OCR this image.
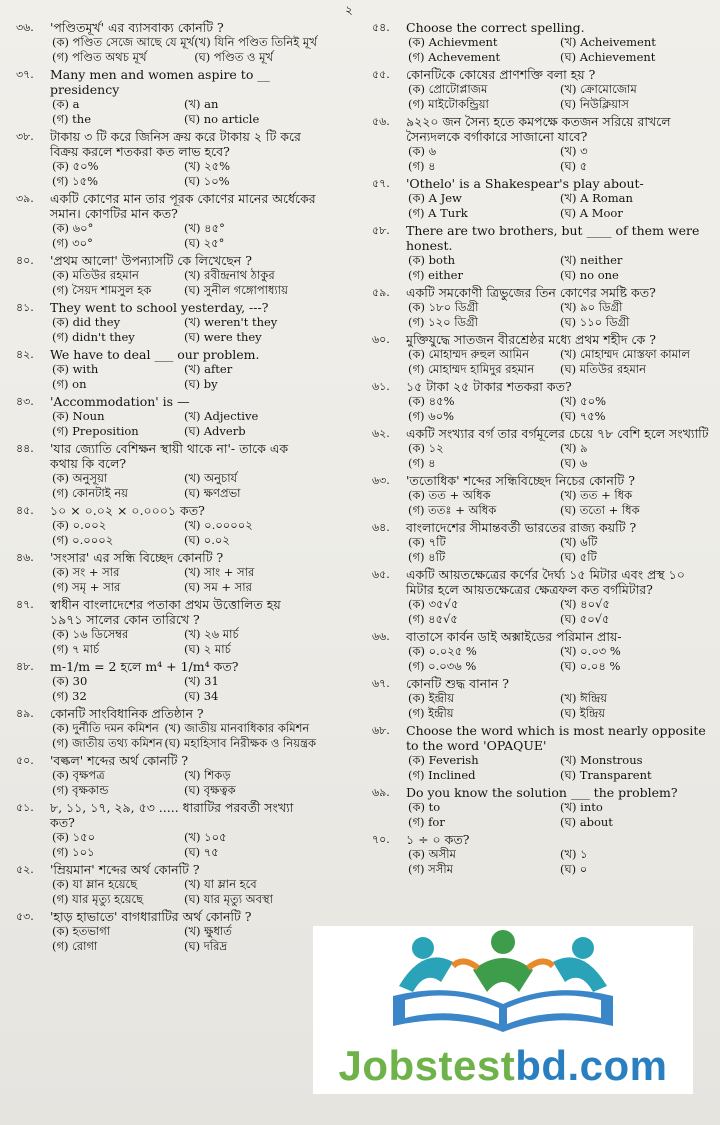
২
৩৬.	'পণ্ডিতমূর্খ' এর ব্যাসবাক্য কোনটি ?
(ক) পণ্ডিত সেজে আছে যে মূর্খ (খ) যিনি পণ্ডিত তিনিই মূর্খ
(গ) পণ্ডিত অথচ মূর্খ	(ঘ) পণ্ডিত ও মূর্খ
৩৭.	Many men and women aspire to __ presidency
(ক) a	(খ) an
(গ) the	(ঘ) no article
৩৮.	টাকায় ৩ টি করে জিনিস ক্রয় করে টাকায় ২ টি করে বিক্রয় করলে শতকরা কত লাভ হবে?
(ক) ৫০%	(খ) ২৫%
(গ) ১৫%	(ঘ) ১০%
৩৯.	একটি কোণের মান তার পূরক কোণের মানের অর্ধেকের সমান। কোণটির মান কত?
(ক) ৬০°	(খ) ৪৫°
(গ) ৩০°	(ঘ) ২৫°
৪০.	'প্রথম আলো' উপন্যাসটি কে লিখেছেন ?
(ক) মতিউর রহমান	(খ) রবীন্দ্রনাথ ঠাকুর
(গ) সৈয়দ শামসুল হক	(ঘ) সুনীল গঙ্গোপাধ্যায়
৪১.	They went to school yesterday, ---?
(ক) did they	(খ) weren't they
(গ) didn't they	(ঘ) were they
৪২.	We have to deal ___ our problem.
(ক) with	(খ) after
(গ) on	(ঘ) by
৪৩.	'Accommodation' is —
(ক) Noun	(খ) Adjective
(গ) Preposition	(ঘ) Adverb
৪৪.	'যার জ্যোতি বেশিক্ষন স্থায়ী থাকে না'- তাকে এক কথায় কি বলে?
(ক) অনুসূয়া	(খ) অনুচার্য
(গ) কোনটাই নয়	(ঘ) ক্ষণপ্রভা
৪৫.	১০ × ০.০২ × ০.০০০১ কত?
(ক) ০.০০২	(খ) ০.০০০০২
(গ) ০.০০০২	(ঘ) ০.০২
৪৬.	'সংসার' এর সন্ধি বিচ্ছেদ কোনটি ?
(ক) সং + সার	(খ) সাং + সার
(গ) সমৃ + সার	(ঘ) সম + সার
৪৭.	স্বাধীন বাংলাদেশের পতাকা প্রথম উত্তোলিত হয় ১৯৭১ সালের কোন তারিখে ?
(ক) ১৬ ডিসেম্বর	(খ) ২৬ মার্চ
(গ) ৭ মার্চ	(ঘ) ২ মার্চ
৪৮.	m-1/m = 2 হলে m⁴ + 1/m⁴ কত?
(ক) 30	(খ) 31
(গ) 32	(ঘ) 34
৪৯.	কোনটি সাংবিধানিক প্রতিষ্ঠান ?
(ক) দুর্নীতি দমন কমিশন (খ) জাতীয় মানবাধিকার কমিশন
(গ) জাতীয় তথ্য কমিশন (ঘ) মহাহিসাব নিরীক্ষক ও নিয়ন্ত্রক
৫০.	'বল্কল' শব্দের অর্থ কোনটি ?
(ক) বৃক্ষপত্র	(খ) শিকড়
(গ) বৃক্ষকান্ড	(ঘ) বৃক্ষত্বক
৫১.	৮, ১১, ১৭, ২৯, ৫৩ ..... ধারাটির পরবর্তী সংখ্যা কত?
(ক) ১৫০	(খ) ১০৫
(গ) ১০১	(ঘ) ৭৫
৫২.	'ম্রিয়মান' শব্দের অর্থ কোনটি ?
(ক) যা ম্লান হয়েছে	(খ) যা ম্লান হবে
(গ) যার মৃত্যু হয়েছে	(ঘ) যার মৃত্যু অবস্থা
৫৩.	'হাড় হাভাতে' বাগধারাটির অর্থ কোনটি ?
(ক) হতভাগা	(খ) ক্ষুধার্ত
(গ) রোগা	(ঘ) দরিদ্র
৫৪.	Choose the correct spelling.
(ক) Achievment	(খ) Acheivement
(গ) Achevement	(ঘ) Achievement
৫৫.	কোনটিকে কোষের প্রাণশক্তি বলা হয় ?
(ক) প্রোটোপ্লাজম	(খ) ক্রোমোজোম
(গ) মাইটোকন্ড্রিয়া	(ঘ) নিউক্লিয়াস
৫৬.	৯২২০ জন সৈন্য হতে কমপক্ষে কতজন সরিয়ে রাখলে সৈন্যদলকে বর্গাকারে সাজানো যাবে?
(ক) ৬	(খ) ৩
(গ) ৪	(ঘ) ৫
৫৭.	'Othelo' is a Shakespear's play about-
(ক) A Jew	(খ) A Roman
(গ) A Turk	(ঘ) A Moor
৫৮.	There are two brothers, but ____ of them were honest.
(ক) both	(খ) neither
(গ) either	(ঘ) no one
৫৯.	একটি সমকোণী ত্রিভুজের তিন কোণের সমষ্টি কত?
(ক) ১৮০ ডিগ্রী	(খ) ৯০ ডিগ্রী
(গ) ১২০ ডিগ্রী	(ঘ) ১১০ ডিগ্রী
৬০.	মুক্তিযুদ্ধে সাতজন বীরশ্রেষ্ঠর মধ্যে প্রথম শহীদ কে ?
(ক) মোহাম্মদ রুহুল আমিন	(খ) মোহাম্মদ মোস্তফা কামাল
(গ) মোহাম্মদ হামিদুর রহমান	(ঘ) মতিউর রহমান
৬১.	১৫ টাকা ২৫ টাকার শতকরা কত?
(ক) ৪৫%	(খ) ৫০%
(গ) ৬০%	(ঘ) ৭৫%
৬২.	একটি সংখ্যার বর্গ তার বর্গমূলের চেয়ে ৭৮ বেশি হলে সংখ্যাটি
(ক) ১২	(খ) ৯
(গ) ৪	(ঘ) ৬
৬৩.	'ততোধিক' শব্দের সন্ধিবিচ্ছেদ নিচের কোনটি ?
(ক) তত + অধিক	(খ) তত + ধিক
(গ) ততঃ + অধিক	(ঘ) ততো + ধিক
৬৪.	বাংলাদেশের সীমান্তবর্তী ভারতের রাজ্য কয়টি ?
(ক) ৭টি	(খ) ৬টি
(গ) ৪টি	(ঘ) ৫টি
৬৫.	একটি আয়তক্ষেত্রের কর্ণের দৈর্ঘ্য ১৫ মিটার এবং প্রস্থ ১০ মিটার হলে আয়তক্ষেত্রের ক্ষেত্রফল কত বর্গমিটার?
(ক) ৩৫√৫	(খ) ৪০√৫
(গ) ৪৫√৫	(ঘ) ৫০√৫
৬৬.	বাতাসে কার্বন ডাই অক্সাইডের পরিমান প্রায়-
(ক) ০.০২৫ %	(খ) ০.০৩ %
(গ) ০.০৩৬ %	(ঘ) ০.০৪ %
৬৭.	কোনটি শুদ্ধ বানান ?
(ক) ইন্দ্রীয়	(খ) ঈন্দ্রিয়
(গ) ইন্দ্রীয়	(ঘ) ইন্দ্রিয়
৬৮.	Choose the word which is most nearly opposite to the word 'OPAQUE'
(ক) Feverish	(খ) Monstrous
(গ) Inclined	(ঘ) Transparent
৬৯.	Do you know the solution ___ the problem?
(ক) to	(খ) into
(গ) for	(ঘ) about
৭০.	১ ÷ ০ কত?
(ক) অসীম	(খ) ১
(গ) সসীম	(ঘ) ০
Jobstestbd.com
